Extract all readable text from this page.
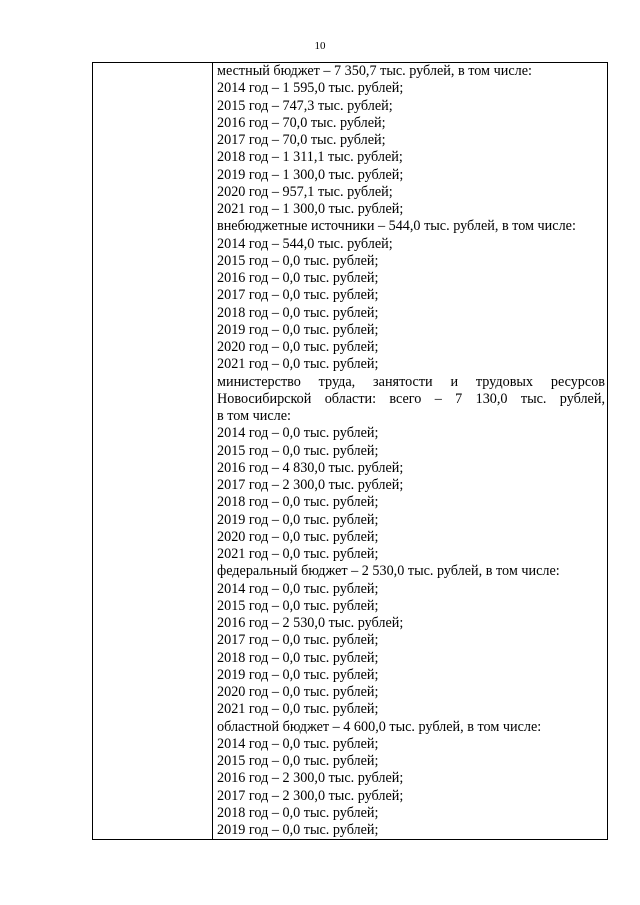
10
местный бюджет – 7 350,7 тыс. рублей, в том числе:
2014 год – 1 595,0 тыс. рублей;
2015 год – 747,3 тыс. рублей;
2016 год – 70,0 тыс. рублей;
2017 год – 70,0 тыс. рублей;
2018 год – 1 311,1 тыс. рублей;
2019 год – 1 300,0 тыс. рублей;
2020 год – 957,1 тыс. рублей;
2021 год – 1 300,0 тыс. рублей;
внебюджетные источники – 544,0 тыс. рублей, в том числе:
2014 год – 544,0 тыс. рублей;
2015 год – 0,0 тыс. рублей;
2016 год – 0,0 тыс. рублей;
2017 год – 0,0 тыс. рублей;
2018 год – 0,0 тыс. рублей;
2019 год – 0,0 тыс. рублей;
2020 год – 0,0 тыс. рублей;
2021 год – 0,0 тыс. рублей;
министерство труда, занятости и трудовых ресурсов
Новосибирской области: всего – 7 130,0 тыс. рублей,
в том числе:
2014 год – 0,0 тыс. рублей;
2015 год – 0,0 тыс. рублей;
2016 год – 4 830,0 тыс. рублей;
2017 год – 2 300,0 тыс. рублей;
2018 год – 0,0 тыс. рублей;
2019 год – 0,0 тыс. рублей;
2020 год – 0,0 тыс. рублей;
2021 год – 0,0 тыс. рублей;
федеральный бюджет – 2 530,0 тыс. рублей, в том числе:
2014 год – 0,0 тыс. рублей;
2015 год – 0,0 тыс. рублей;
2016 год – 2 530,0 тыс. рублей;
2017 год – 0,0 тыс. рублей;
2018 год – 0,0 тыс. рублей;
2019 год – 0,0 тыс. рублей;
2020 год – 0,0 тыс. рублей;
2021 год – 0,0 тыс. рублей;
областной бюджет – 4 600,0 тыс. рублей, в том числе:
2014 год – 0,0 тыс. рублей;
2015 год – 0,0 тыс. рублей;
2016 год – 2 300,0 тыс. рублей;
2017 год – 2 300,0 тыс. рублей;
2018 год – 0,0 тыс. рублей;
2019 год – 0,0 тыс. рублей;
